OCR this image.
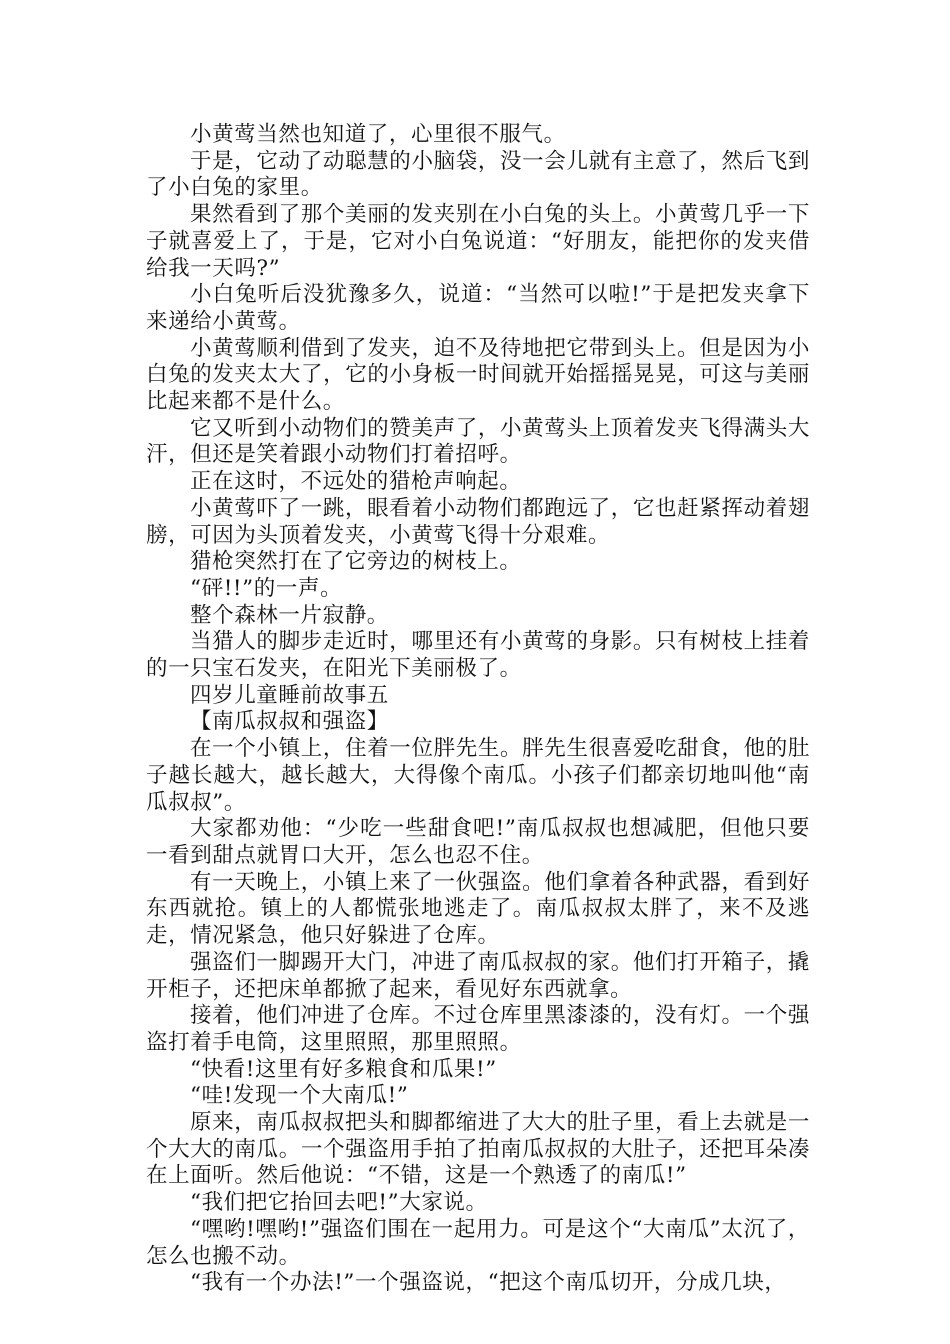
小黄莺当然也知道了，心里很不服气。

于是，它动了动聪慧的小脑袋，没一会儿就有主意了，然后飞到了小白兔的家里。

果然看到了那个美丽的发夹别在小白兔的头上。小黄莺几乎一下子就喜爱上了，于是，它对小白兔说道：“好朋友，能把你的发夹借给我一天吗?”

小白兔听后没犹豫多久，说道：“当然可以啦!”于是把发夹拿下来递给小黄莺。

小黄莺顺利借到了发夹，迫不及待地把它带到头上。但是因为小白兔的发夹太大了，它的小身板一时间就开始摇摇晃晃，可这与美丽比起来都不是什么。

它又听到小动物们的赞美声了，小黄莺头上顶着发夹飞得满头大汗，但还是笑着跟小动物们打着招呼。

正在这时，不远处的猎枪声响起。

小黄莺吓了一跳，眼看着小动物们都跑远了，它也赶紧挥动着翅膀，可因为头顶着发夹，小黄莺飞得十分艰难。

猎枪突然打在了它旁边的树枝上。

“砰!!”的一声。

整个森林一片寂静。

当猎人的脚步走近时，哪里还有小黄莺的身影。只有树枝上挂着的一只宝石发夹，在阳光下美丽极了。

四岁儿童睡前故事五

【南瓜叔叔和强盗】

在一个小镇上，住着一位胖先生。胖先生很喜爱吃甜食，他的肚子越长越大，越长越大，大得像个南瓜。小孩子们都亲切地叫他“南瓜叔叔”。

大家都劝他：“少吃一些甜食吧!”南瓜叔叔也想减肥，但他只要一看到甜点就胃口大开，怎么也忍不住。

有一天晚上，小镇上来了一伙强盗。他们拿着各种武器，看到好东西就抢。镇上的人都慌张地逃走了。南瓜叔叔太胖了，来不及逃走，情况紧急，他只好躲进了仓库。

强盗们一脚踢开大门，冲进了南瓜叔叔的家。他们打开箱子，撬开柜子，还把床单都掀了起来，看见好东西就拿。

接着，他们冲进了仓库。不过仓库里黑漆漆的，没有灯。一个强盗打着手电筒，这里照照，那里照照。

“快看!这里有好多粮食和瓜果!”

“哇!发现一个大南瓜!”

原来，南瓜叔叔把头和脚都缩进了大大的肚子里，看上去就是一个大大的南瓜。一个强盗用手拍了拍南瓜叔叔的大肚子，还把耳朵凑在上面听。然后他说：“不错，这是一个熟透了的南瓜!”

“我们把它抬回去吧!”大家说。

“嘿哟!嘿哟!”强盗们围在一起用力。可是这个“大南瓜”太沉了，怎么也搬不动。

“我有一个办法!”一个强盗说，“把这个南瓜切开，分成几块，
